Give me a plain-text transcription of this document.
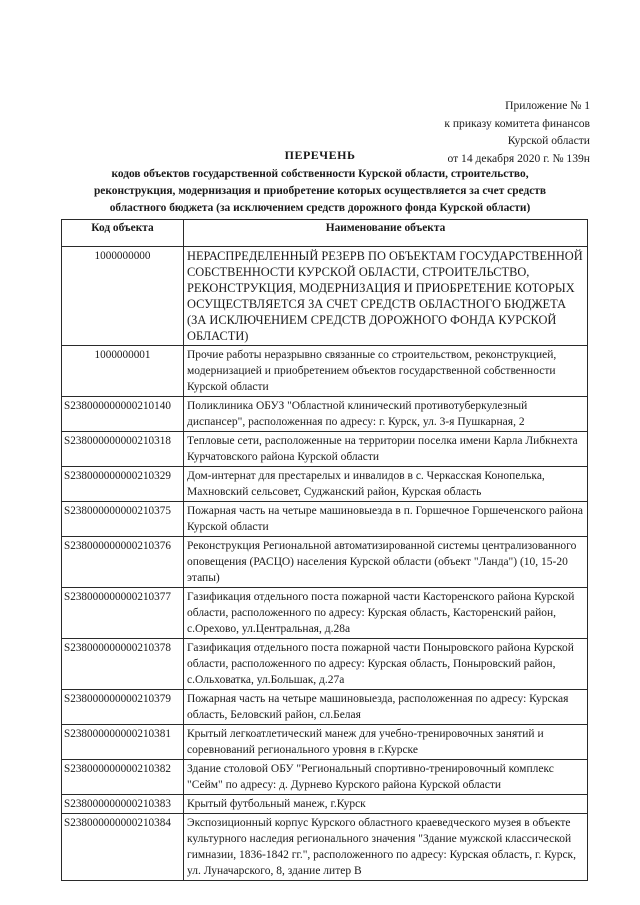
Приложение № 1
к приказу комитета финансов
Курской области
от 14 декабря 2020 г. № 139н
ПЕРЕЧЕНЬ
кодов объектов государственной собственности Курской области, строительство,
реконструкция, модернизация и приобретение которых осуществляется за счет средств
областного бюджета (за исключением средств дорожного фонда Курской области)
Код объекта	Наименование объекта
1000000000	НЕРАСПРЕДЕЛЕННЫЙ РЕЗЕРВ ПО ОБЪЕКТАМ ГОСУДАРСТВЕННОЙ СОБСТВЕННОСТИ КУРСКОЙ ОБЛАСТИ, СТРОИТЕЛЬСТВО, РЕКОНСТРУКЦИЯ, МОДЕРНИЗАЦИЯ И ПРИОБРЕТЕНИЕ КОТОРЫХ ОСУЩЕСТВЛЯЕТСЯ ЗА СЧЕТ СРЕДСТВ ОБЛАСТНОГО БЮДЖЕТА (ЗА ИСКЛЮЧЕНИЕМ СРЕДСТВ ДОРОЖНОГО ФОНДА КУРСКОЙ ОБЛАСТИ)
1000000001	Прочие работы неразрывно связанные со строительством, реконструкцией, модернизацией и приобретением объектов государственной собственности Курской области
S238000000000210140	Поликлиника ОБУЗ "Областной клинический противотуберкулезный диспансер", расположенная по адресу: г. Курск, ул. 3-я Пушкарная, 2
S238000000000210318	Тепловые сети, расположенные на территории поселка имени Карла Либкнехта Курчатовского района Курской области
S238000000000210329	Дом-интернат для престарелых и инвалидов в с. Черкасская Конопелька, Махновский сельсовет, Суджанский район, Курская область
S238000000000210375	Пожарная часть на четыре машиновыезда в п. Горшечное Горшеченского района Курской области
S238000000000210376	Реконструкция Региональной автоматизированной системы централизованного оповещения (РАСЦО) населения Курской области (объект "Ланда") (10, 15-20 этапы)
S238000000000210377	Газификация отдельного поста пожарной части Касторенского района Курской области, расположенного по адресу: Курская область, Касторенский район, с.Орехово, ул.Центральная, д.28а
S238000000000210378	Газификация отдельного поста пожарной части Поныровского района Курской области, расположенного по адресу: Курская область, Поныровский район, с.Ольховатка, ул.Большак, д.27а
S238000000000210379	Пожарная часть на четыре машиновыезда, расположенная по адресу: Курская область, Беловский район, сл.Белая
S238000000000210381	Крытый легкоатлетический манеж для учебно-тренировочных занятий и соревнований регионального уровня в г.Курске
S238000000000210382	Здание столовой ОБУ "Региональный спортивно-тренировочный комплекс "Сейм" по адресу: д. Дурнево Курского района Курской области
S238000000000210383	Крытый футбольный манеж, г.Курск
S238000000000210384	Экспозиционный корпус Курского областного краеведческого музея в объекте культурного наследия регионального значения "Здание мужской классической гимназии, 1836-1842 гг.", расположенного по адресу: Курская область, г. Курск, ул. Луначарского, 8, здание литер В
